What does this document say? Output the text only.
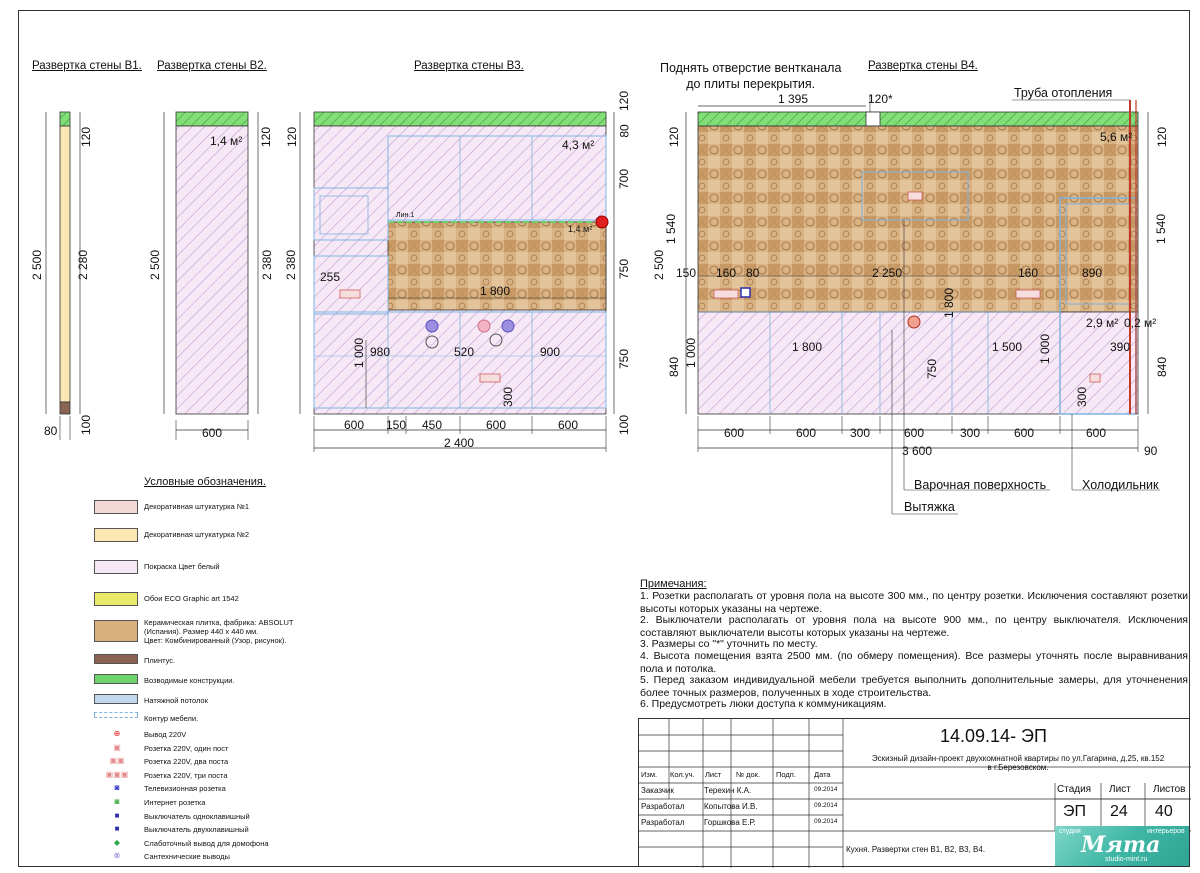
Развертка стены В1. Развертка стены В2.	Развертка стены В3.	Развертка стены В4.
2 500	2 280
120
100
80
1,4 м²
2 500	2 380
120
600
4,3 м²
1,4 м²
Лин.1
2 380
120
120
80
700
750
750
100
255
1 800
980	520	900
1 000
300
600 150 450	600	600
2 400
Поднять отверстие вентканала
до плиты перекрытия.
Труба отопления
1 395	120*
5,6 м²
2 500
120
1 540
840 1 000
120
1 540
840
150 160 80	2 250	160	890
2,9 м² 0,2 м²
1 800	1 500	390
1 800
750
1 000
300
600	600	300	600	300	600	600
3 600	90
Варочная поверхность	Холодильник
Вытяжка
Условные обозначения.
Декоративная штукатурка №1
Декоративная штукатурка №2
Покраска Цвет белый
Обои ECO Graphic art 1542
Керамическая плитка, фабрика: ABSOLUT
(Испания). Размер 440 х 440 мм.
Цвет: Комбинированный (Узор, рисунок).
Плинтус.
Возводимые конструкции.
Натяжной потолок
Контур мебели.
⊕	Вывод 220V
▣	Розетка 220V, один пост
▣▣	Розетка 220V, два поста
▣▣▣	Розетка 220V, три поста
◙	Телевизионная розетка
◙	Интернет розетка
■	Выключатель одноклавишный
■	Выключатель двухклавишный
◆	Слаботочный вывод для домофона
⊗	Сантехнические выводы
Примечания:
1. Розетки располагать от уровня пола на высоте 300 мм., по центру розетки. Исключения составляют розетки высоты которых указаны на чертеже.
2. Выключатели располагать от уровня пола на высоте 900 мм., по центру выключателя. Исключения составляют выключатели высоты которых указаны на чертеже.
3. Размеры со "*" уточнить по месту.
4. Высота помещения взята 2500 мм. (по обмеру помещения). Все размеры уточнять после выравнивания пола и потолка.
5. Перед заказом индивидуальной мебели требуется выполнить дополнительные замеры, для уточненения более точных размеров, полученных в ходе строительства.
6. Предусмотреть люки доступа к коммуникациям.
14.09.14- ЭП
Эскизный дизайн-проект двухкомнатной квартиры по ул.Гагарина, д.25, кв.152
в г.Березовском.
Изм. Кол.уч. Лист № док. Подп. Дата
Заказчик	Терехин К.А.	09.2014
Разработал Копытова И.В.	09.2014
Разработал Горшкова Е.Р.	09.2014
Стадия Лист Листов
ЭП 24 40
Кухня. Развертки стен В1, В2, В3, В4.
студия	интерьеров
Мята
studio-mint.ru
